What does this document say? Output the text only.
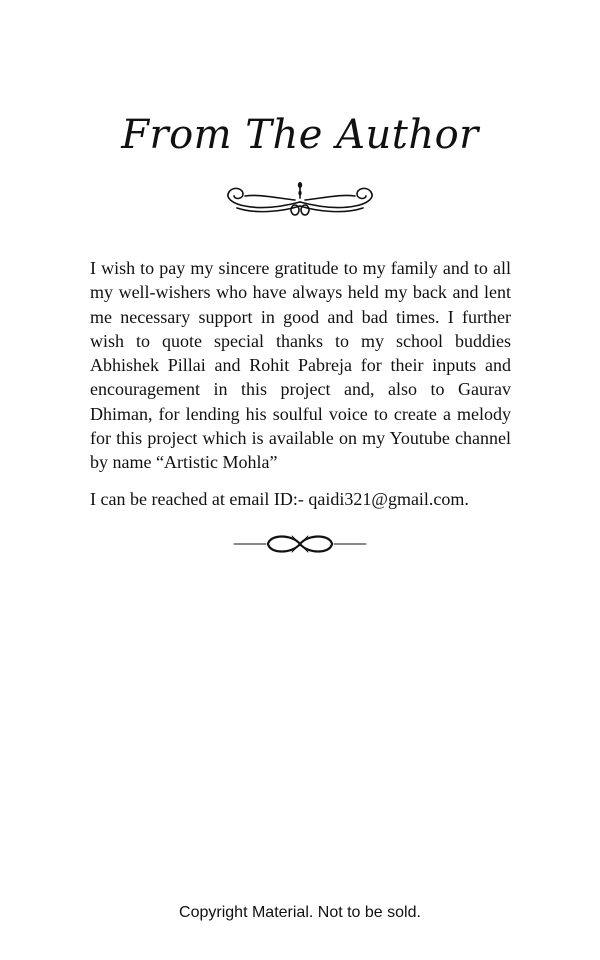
From The Author

I wish to pay my sincere gratitude to my family and to all my well-wishers who have always held my back and lent me necessary support in good and bad times. I further wish to quote special thanks to my school buddies Abhishek Pillai and Rohit Pabreja for their inputs and encouragement in this project and, also to Gaurav Dhiman, for lending his soulful voice to create a melody for this project which is available on my Youtube channel by name “Artistic Mohla”

I can be reached at email ID:- qaidi321@gmail.com.

Copyright Material. Not to be sold.
